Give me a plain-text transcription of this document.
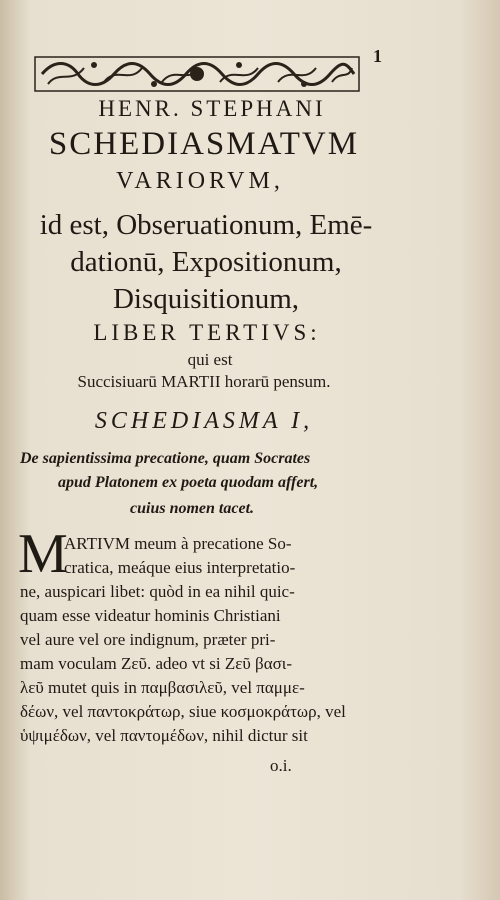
1
HENR. STEPHANI
SCHEDIASMATVM
VARIORVM,
id est, Obseruationum, Emē-
dationū, Expositionum,
Disquisitionum,
LIBER TERTIVS:
qui est
Succisiuarū MARTII horarū pensum.
SCHEDIASMA I,
De sapientissima precatione, quam Socrates
apud Platonem ex poeta quodam affert,
cuius nomen tacet.
M
ARTIVM meum à precatione So-
cratica, meáque eius interpretatio-
ne, auspicari libet: quòd in ea nihil quic-
quam esse videatur hominis Christiani
vel aure vel ore indignum, præter pri-
mam voculam Ζεῦ. adeo vt si Ζεῦ βασι-
λεῦ mutet quis in παμβασιλεῦ, vel παμμε-
δέων, vel παντοκράτωρ, siue κοσμοκράτωρ, vel
ὑψιμέδων, vel παντομέδων, nihil dictur sit
o.i.
